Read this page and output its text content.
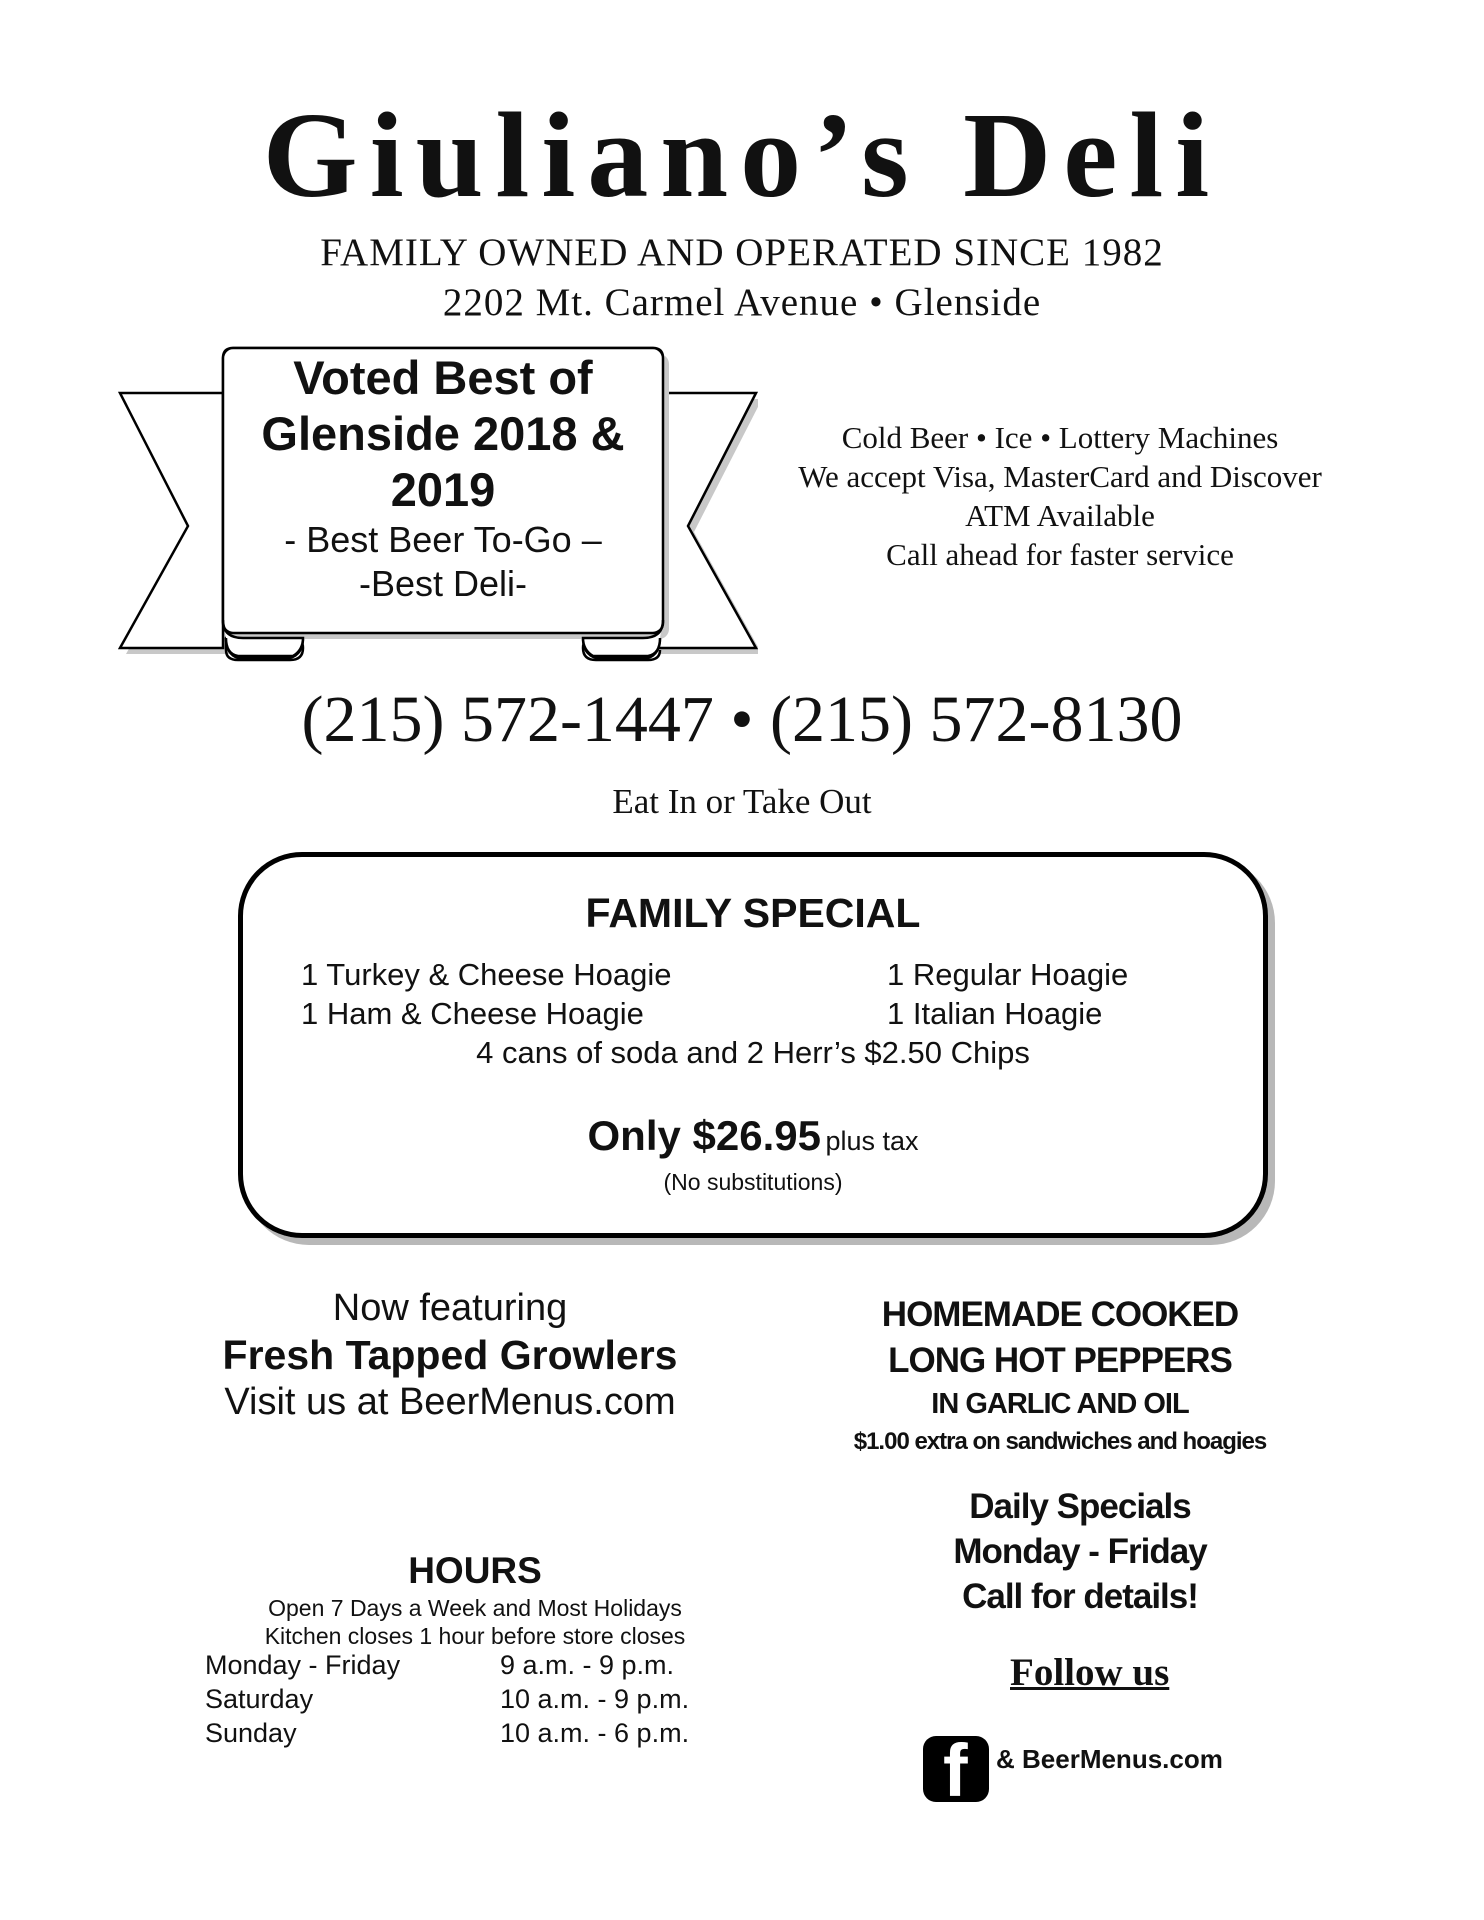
Giuliano’s Deli
FAMILY OWNED AND OPERATED SINCE 1982
2202 Mt. Carmel Avenue • Glenside
Voted Best of Glenside 2018 & 2019
- Best Beer To-Go –
-Best Deli-
Cold Beer • Ice • Lottery Machines
We accept Visa, MasterCard and Discover
ATM Available
Call ahead for faster service
(215) 572-1447 • (215) 572-8130
Eat In or Take Out
FAMILY SPECIAL
1 Turkey & Cheese Hoagie	1 Regular Hoagie
1 Ham & Cheese Hoagie	1 Italian Hoagie
4 cans of soda and 2 Herr’s $2.50 Chips
Only $26.95 plus tax
(No substitutions)
Now featuring
Fresh Tapped Growlers
Visit us at BeerMenus.com
HOMEMADE COOKED
LONG HOT PEPPERS
IN GARLIC AND OIL
$1.00 extra on sandwiches and hoagies
Daily Specials
Monday - Friday
Call for details!
HOURS
Open 7 Days a Week and Most Holidays
Kitchen closes 1 hour before store closes
Monday - Friday	9 a.m. - 9 p.m.
Saturday	10 a.m. - 9 p.m.
Sunday	10 a.m. - 6 p.m.
Follow us
f & BeerMenus.com
